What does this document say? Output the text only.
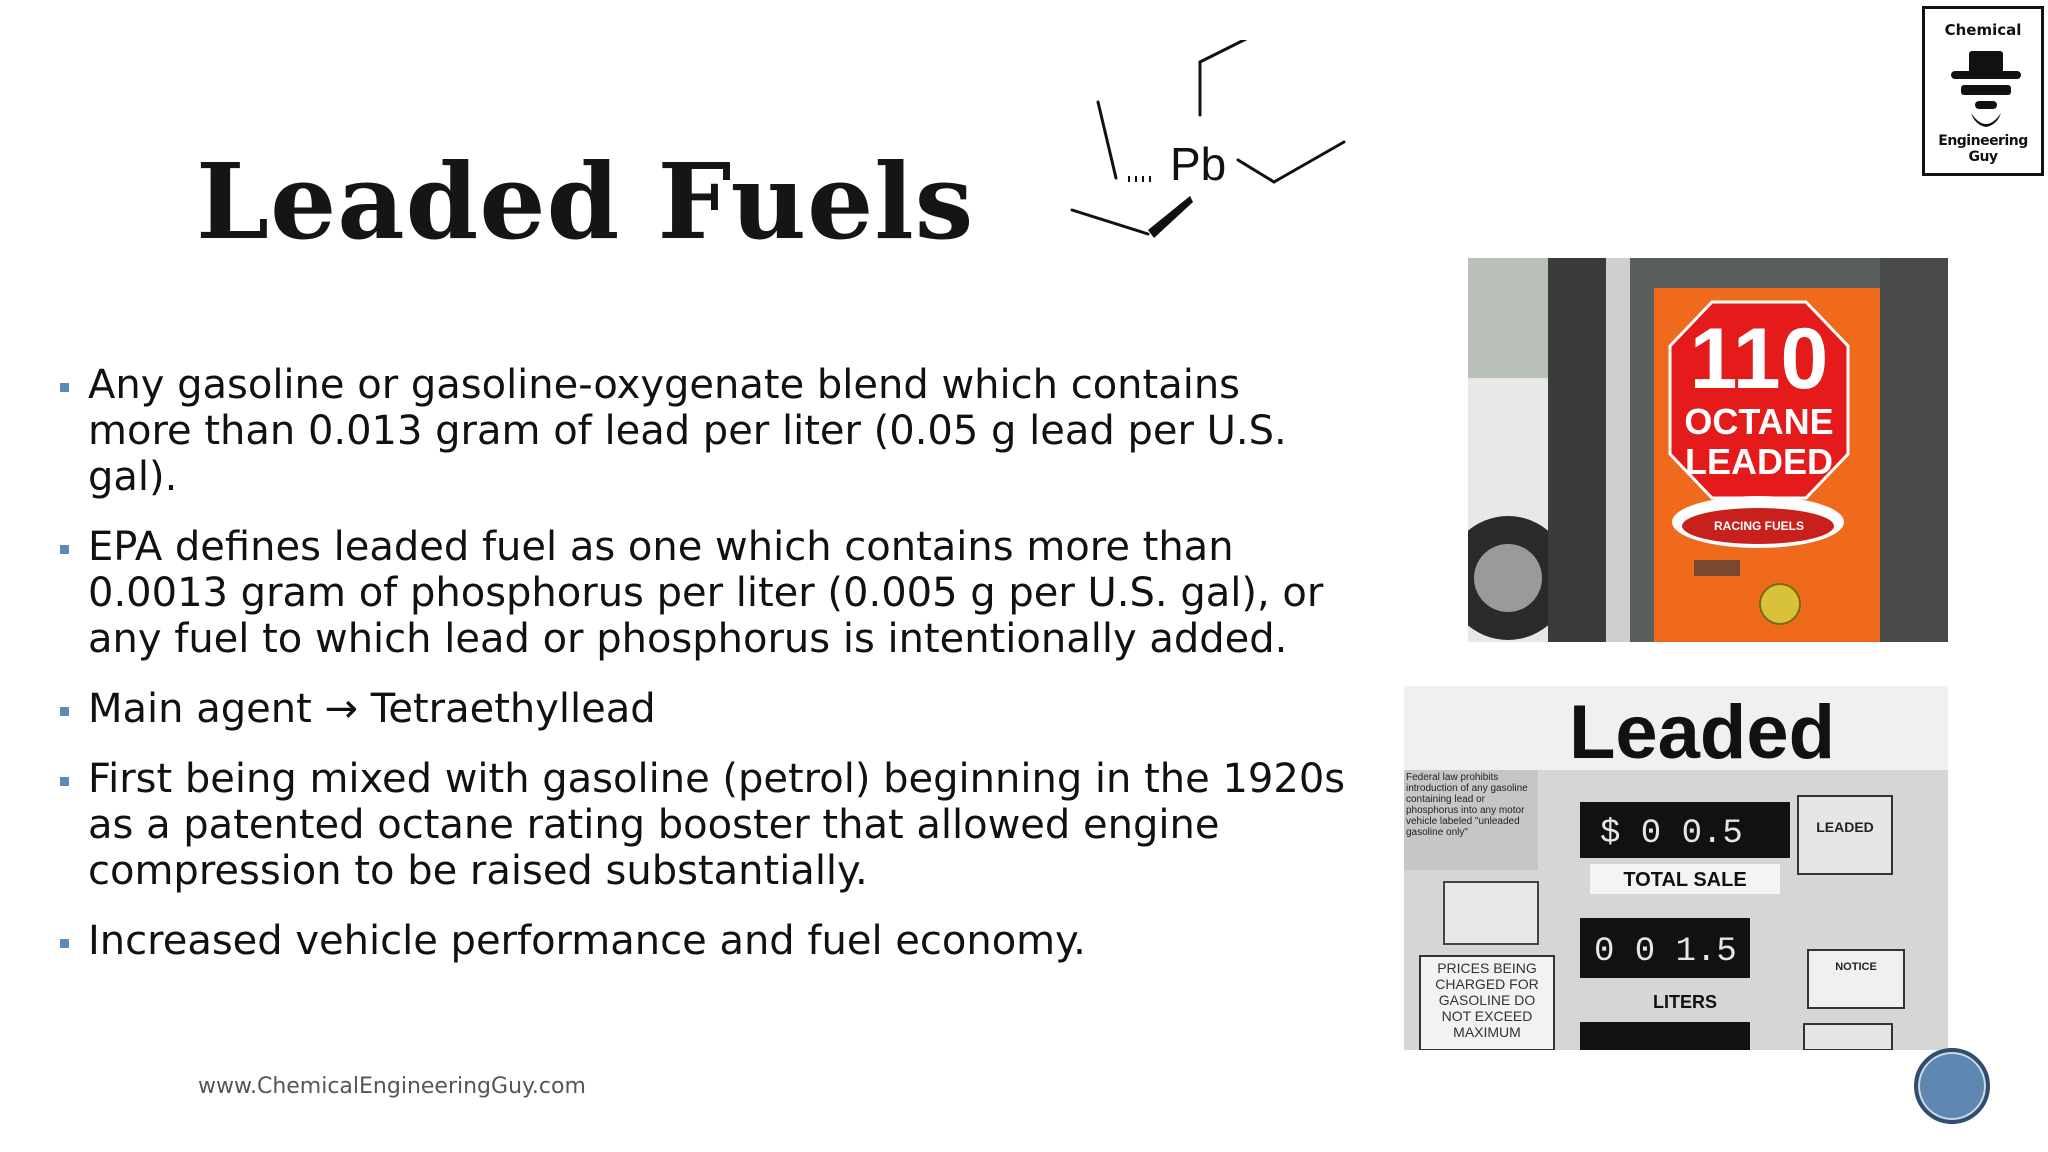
Leaded Fuels	Pb
Chemical
Engineering Guy
Any gasoline or gasoline-oxygenate blend which contains more than 0.013 gram of lead per liter (0.05 g lead per U.S. gal).
EPA defines leaded fuel as one which contains more than 0.0013 gram of phosphorus per liter (0.005 g per U.S. gal), or any fuel to which lead or phosphorus is intentionally added.
Main agent → Tetraethyllead
First being mixed with gasoline (petrol) beginning in the 1920s as a patented octane rating booster that allowed engine compression to be raised substantially.
Increased vehicle performance and fuel economy.
110
OCTANE
LEADED
RACING FUELS
Leaded
Federal law prohibits introduction of any gasoline containing lead or phosphorus into any motor vehicle labeled "unleaded gasoline only"
PRICES BEING CHARGED FOR GASOLINE DO NOT EXCEED MAXIMUM
$ 0 0.5
TOTAL SALE
0 0 1.5
LITERS
LEADED
NOTICE
www.ChemicalEngineeringGuy.com
